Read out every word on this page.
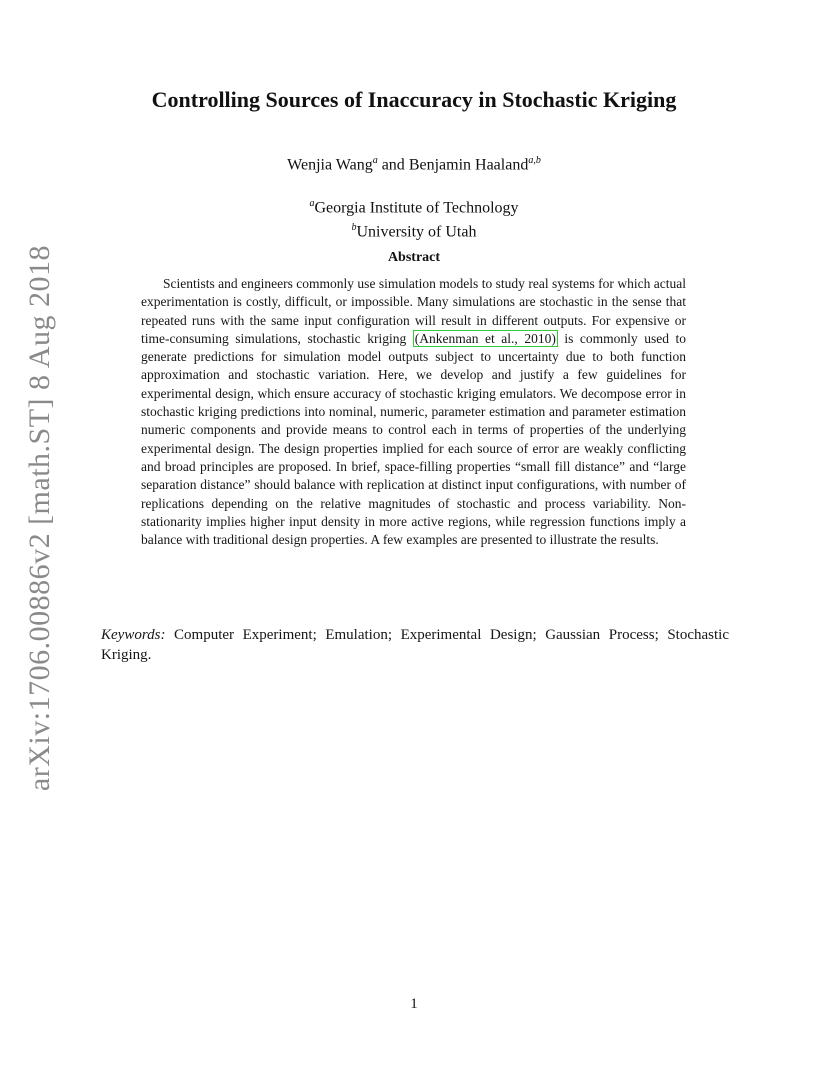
arXiv:1706.00886v2 [math.ST] 8 Aug 2018
Controlling Sources of Inaccuracy in Stochastic Kriging
Wenjia Wang$^a$ and Benjamin Haaland$^{a,b}$
$^a$Georgia Institute of Technology
$^b$University of Utah
Abstract
Scientists and engineers commonly use simulation models to study real systems for which actual experimentation is costly, difficult, or impossible. Many simulations are stochastic in the sense that repeated runs with the same input configuration will result in different outputs. For expensive or time-consuming simulations, stochastic kriging (Ankenman et al., 2010) is commonly used to generate predictions for simulation model outputs subject to uncertainty due to both function approximation and stochastic variation. Here, we develop and justify a few guidelines for experimental design, which ensure accuracy of stochastic kriging emulators. We decompose error in stochastic kriging predictions into nominal, numeric, parameter estimation and parameter estimation numeric components and provide means to control each in terms of properties of the underlying experimental design. The design properties implied for each source of error are weakly conflicting and broad principles are proposed. In brief, space-filling properties “small fill distance” and “large separation distance” should balance with replication at distinct input configurations, with number of replications depending on the relative magnitudes of stochastic and process variability. Non-stationarity implies higher input density in more active regions, while regression functions imply a balance with traditional design properties. A few examples are presented to illustrate the results.
Keywords: Computer Experiment; Emulation; Experimental Design; Gaussian Process; Stochastic Kriging.
1
